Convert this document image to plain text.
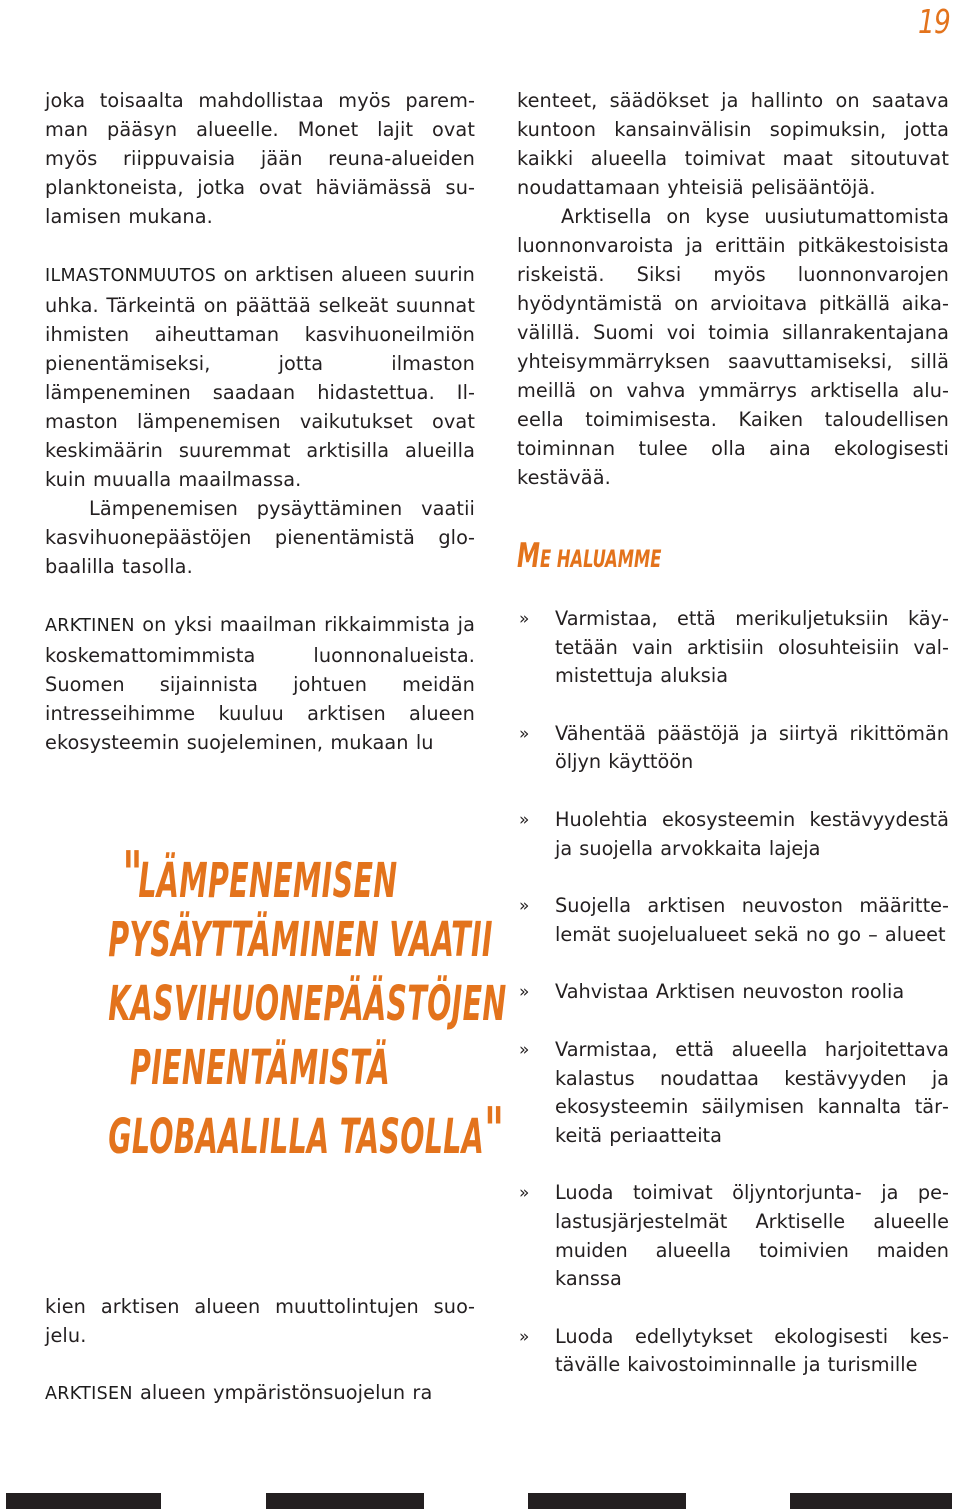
19

joka toisaalta mahdollistaa myös paremman pääsyn alueelle. Monet lajit ovat myös riippuvaisia jään reuna-alueiden planktoneista, jotka ovat häviämässä sulamisen mukana.

ILMASTONMUUTOS on arktisen alueen suurin uhka. Tärkeintä on päättää selkeät suunnat ihmisten aiheuttaman kasvihuoneilmiön pienentämiseksi, jotta ilmaston lämpeneminen saadaan hidastettua. Ilmaston lämpenemisen vaikutukset ovat keskimäärin suuremmat arktisilla alueilla kuin muualla maailmassa.

Lämpenemisen pysäyttäminen vaatii kasvihuonepäästöjen pienentämistä globaalilla tasolla.

ARKTINEN on yksi maailman rikkaimmista ja koskemattomimmista luonnonalueista. Suomen sijainnista johtuen meidän intresseihimme kuuluu arktisen alueen ekosysteemin suojeleminen, mukaan lu

"LÄMPENEMISEN
PYSÄYTTÄMINEN VAATII
KASVIHUONEPÄÄSTÖJEN
PIENENTÄMISTÄ
GLOBAALILLA TASOLLA"

kien arktisen alueen muuttolintujen suojelu.

ARKTISEN alueen ympäristönsuojelun ra

kenteet, säädökset ja hallinto on saatava kuntoon kansainvälisin sopimuksin, jotta kaikki alueella toimivat maat sitoutuvat noudattamaan yhteisiä pelisääntöjä.

Arktisella on kyse uusiutumattomista luonnonvaroista ja erittäin pitkäkestoisista riskeistä. Siksi myös luonnonvarojen hyödyntämistä on arvioitava pitkällä aikavälillä. Suomi voi toimia sillanrakentajana yhteisymmärryksen saavuttamiseksi, sillä meillä on vahva ymmärrys arktisella alueella toimimisesta. Kaiken taloudellisen toiminnan tulee olla aina ekologisesti kestävää.

ME HALUAMME
» Varmistaa, että merikuljetuksiin käytetään vain arktisiin olosuhteisiin valmistettuja aluksia
» Vähentää päästöjä ja siirtyä rikittömän öljyn käyttöön
» Huolehtia ekosysteemin kestävyydestä ja suojella arvokkaita lajeja
» Suojella arktisen neuvoston määrittelemät suojelualueet sekä no go – alueet
» Vahvistaa Arktisen neuvoston roolia
» Varmistaa, että alueella harjoitettava kalastus noudattaa kestävyyden ja ekosysteemin säilymisen kannalta tärkeitä periaatteita
» Luoda toimivat öljyntorjunta- ja pelastusjärjestelmät Arktiselle alueelle muiden alueella toimivien maiden kanssa
» Luoda edellytykset ekologisesti kestävälle kaivostoiminnalle ja turismille
